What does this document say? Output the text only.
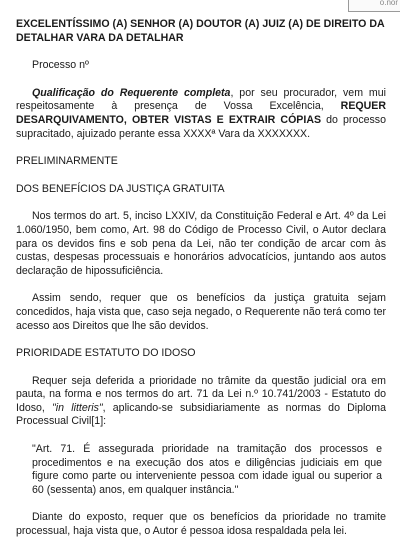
o.nor

EXCELENTÍSSIMO (A) SENHOR (A) DOUTOR (A) JUIZ (A) DE DIREITO DA
DETALHAR VARA DA DETALHAR

Processo nº

Qualificação do Requerente completa, por seu procurador, vem mui respeitosamente à presença de Vossa Excelência, REQUER DESARQUIVAMENTO, OBTER VISTAS E EXTRAIR CÓPIAS do processo supracitado, ajuizado perante essa XXXXª Vara da XXXXXXX.

PRELIMINARMENTE

DOS BENEFÍCIOS DA JUSTIÇA GRATUITA

Nos termos do art. 5, inciso LXXIV, da Constituição Federal e Art. 4º da Lei 1.060/1950, bem como, Art. 98 do Código de Processo Civil, o Autor declara para os devidos fins e sob pena da Lei, não ter condição de arcar com às custas, despesas processuais e honorários advocatícios, juntando aos autos declaração de hipossuficiência.

Assim sendo, requer que os benefícios da justiça gratuita sejam concedidos, haja vista que, caso seja negado, o Requerente não terá como ter acesso aos Direitos que lhe são devidos.

PRIORIDADE ESTATUTO DO IDOSO

Requer seja deferida a prioridade no trâmite da questão judicial ora em pauta, na forma e nos termos do art. 71 da Lei n.º 10.741/2003 - Estatuto do Idoso, "in litteris", aplicando-se subsidiariamente as normas do Diploma Processual Civil[1]:

"Art. 71. É assegurada prioridade na tramitação dos processos e procedimentos e na execução dos atos e diligências judiciais em que figure como parte ou interveniente pessoa com idade igual ou superior a 60 (sessenta) anos, em qualquer instância."

Diante do exposto, requer que os benefícios da prioridade no tramite processual, haja vista que, o Autor é pessoa idosa respaldada pela lei.
